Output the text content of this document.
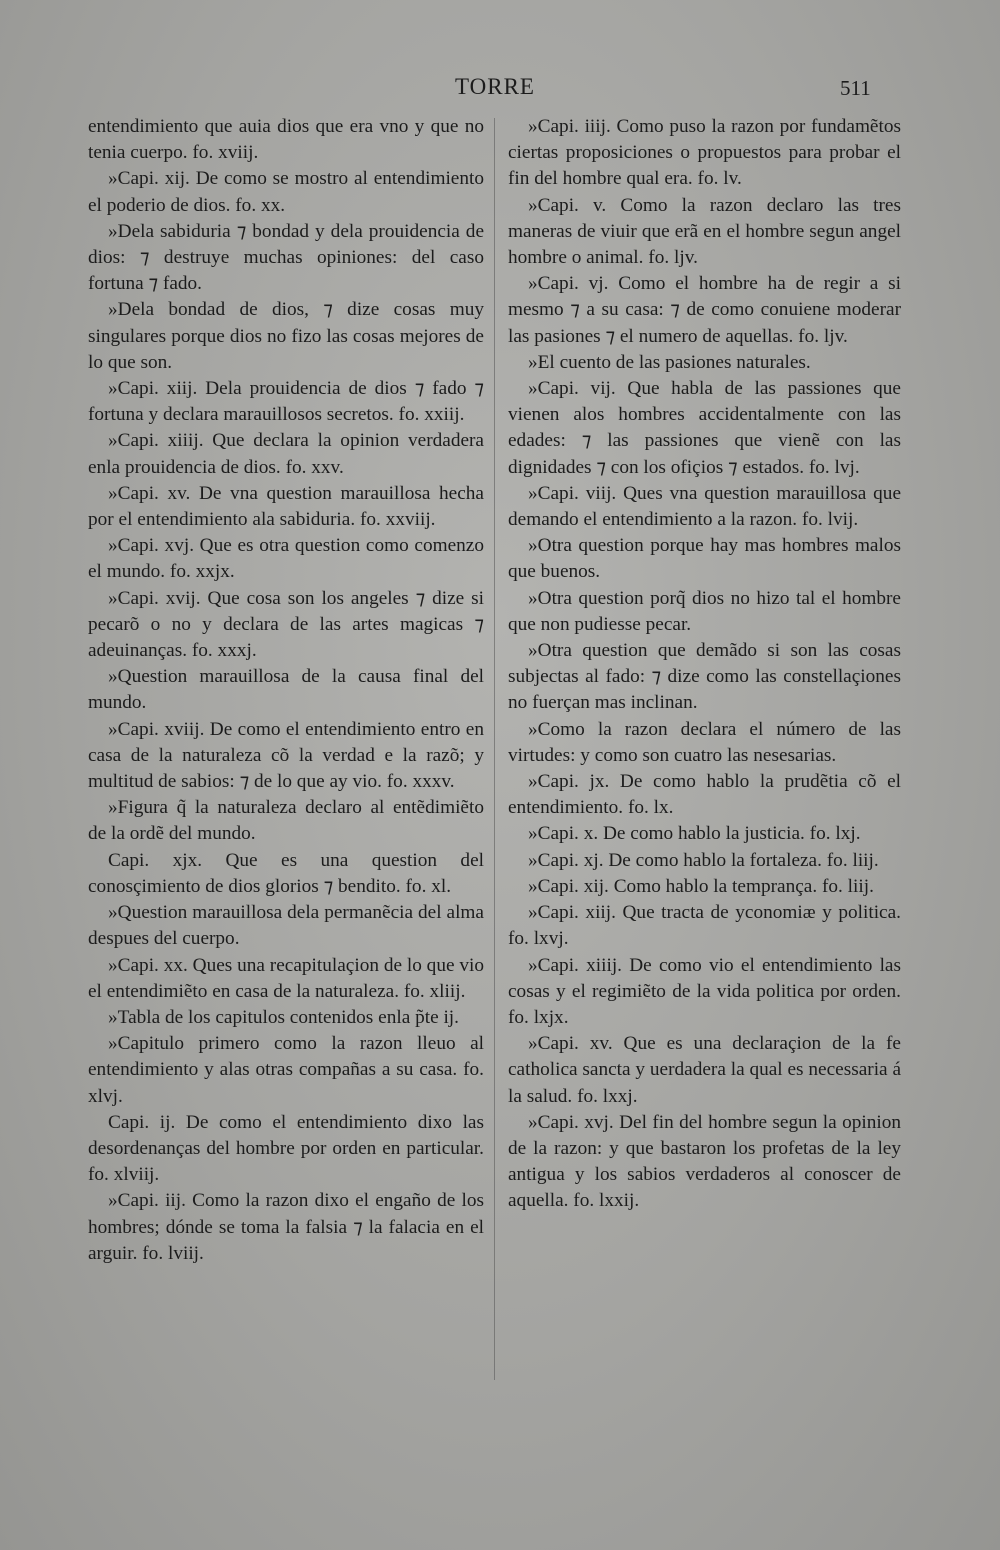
TORRE	511

entendimiento que auia dios que era vno y que no tenia cuerpo. fo. xviij.

»Capi. xij. De como se mostro al entendimiento el poderio de dios. fo. xx.

»Dela sabiduria ⁊ bondad y dela prouidencia de dios: ⁊ destruye muchas opiniones: del caso fortuna ⁊ fado.

»Dela bondad de dios, ⁊ dize cosas muy singulares porque dios no fizo las cosas mejores de lo que son.

»Capi. xiij. Dela prouidencia de dios ⁊ fado ⁊ fortuna y declara marauillosos secretos. fo. xxiij.

»Capi. xiiij. Que declara la opinion verdadera enla prouidencia de dios. fo. xxv.

»Capi. xv. De vna question marauillosa hecha por el entendimiento ala sabiduria. fo. xxviij.

»Capi. xvj. Que es otra question como comenzo el mundo. fo. xxjx.

»Capi. xvij. Que cosa son los angeles ⁊ dize si pecarõ o no y declara de las artes magicas ⁊ adeuinanças. fo. xxxj.

»Question marauillosa de la causa final del mundo.

»Capi. xviij. De como el entendimiento entro en casa de la naturaleza cõ la verdad e la razõ; y multitud de sabios: ⁊ de lo que ay vio. fo. xxxv.

»Figura q̃ la naturaleza declaro al entẽdimiẽto de la ordẽ del mundo.

Capi. xjx. Que es una question del conosçimiento de dios glorios ⁊ bendito. fo. xl.

»Question marauillosa dela permanẽcia del alma despues del cuerpo.

»Capi. xx. Ques una recapitulaçion de lo que vio el entendimiẽto en casa de la naturaleza. fo. xliij.

»Tabla de los capitulos contenidos enla p̃te ij.

»Capitulo primero como la razon lleuo al entendimiento y alas otras compañas a su casa. fo. xlvj.

Capi. ij. De como el entendimiento dixo las desordenanças del hombre por orden en particular. fo. xlviij.

»Capi. iij. Como la razon dixo el engaño de los hombres; dónde se toma la falsia ⁊ la falacia en el arguir. fo. lviij.

»Capi. iiij. Como puso la razon por fundamẽtos ciertas proposiciones o propuestos para probar el fin del hombre qual era. fo. lv.

»Capi. v. Como la razon declaro las tres maneras de viuir que erã en el hombre segun angel hombre o animal. fo. ljv.

»Capi. vj. Como el hombre ha de regir a si mesmo ⁊ a su casa: ⁊ de como conuiene moderar las pasiones ⁊ el numero de aquellas. fo. ljv.

»El cuento de las pasiones naturales.

»Capi. vij. Que habla de las passiones que vienen alos hombres accidentalmente con las edades: ⁊ las passiones que vienẽ con las dignidades ⁊ con los ofiçios ⁊ estados. fo. lvj.

»Capi. viij. Ques vna question marauillosa que demando el entendimiento a la razon. fo. lvij.

»Otra question porque hay mas hombres malos que buenos.

»Otra question porq̃ dios no hizo tal el hombre que non pudiesse pecar.

»Otra question que demãdo si son las cosas subjectas al fado: ⁊ dize como las constellaçiones no fuerçan mas inclinan.

»Como la razon declara el número de las virtudes: y como son cuatro las nesesarias.

»Capi. jx. De como hablo la prudẽtia cõ el entendimiento. fo. lx.

»Capi. x. De como hablo la justicia. fo. lxj.

»Capi. xj. De como hablo la fortaleza. fo. liij.

»Capi. xij. Como hablo la temprança. fo. liij.

»Capi. xiij. Que tracta de yconomiæ y politica. fo. lxvj.

»Capi. xiiij. De como vio el entendimiento las cosas y el regimiẽto de la vida politica por orden. fo. lxjx.

»Capi. xv. Que es una declaraçion de la fe catholica sancta y uerdadera la qual es necessaria á la salud. fo. lxxj.

»Capi. xvj. Del fin del hombre segun la opinion de la razon: y que bastaron los profetas de la ley antigua y los sabios verdaderos al conoscer de aquella. fo. lxxij.
